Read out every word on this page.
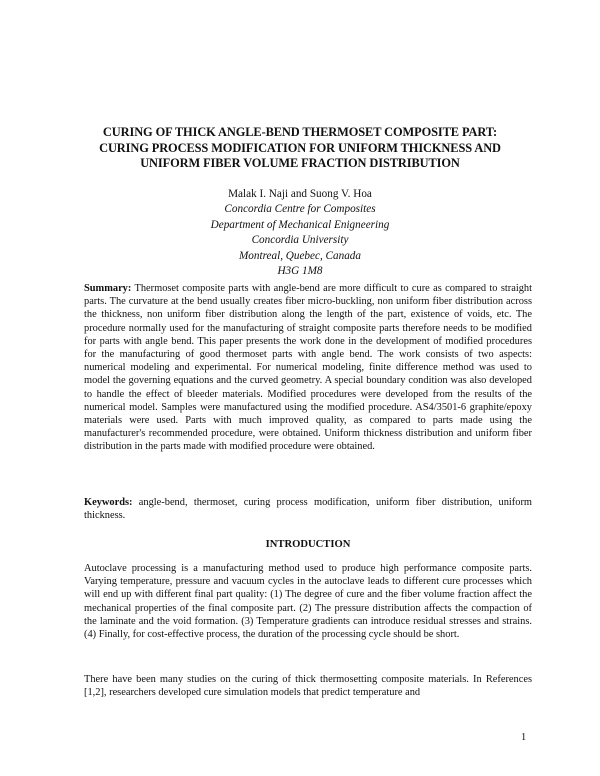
CURING OF THICK ANGLE-BEND THERMOSET COMPOSITE PART:
CURING PROCESS MODIFICATION FOR UNIFORM THICKNESS AND
UNIFORM FIBER VOLUME FRACTION DISTRIBUTION
Malak I. Naji and Suong V. Hoa
Concordia Centre for Composites
Department of Mechanical Enigneering
Concordia University
Montreal, Quebec, Canada
H3G 1M8
Summary: Thermoset composite parts with angle-bend are more difficult to cure as compared to straight parts. The curvature at the bend usually creates fiber micro-buckling, non uniform fiber distribution across the thickness, non uniform fiber distribution along the length of the part, existence of voids, etc. The procedure normally used for the manufacturing of straight composite parts therefore needs to be modified for parts with angle bend. This paper presents the work done in the development of modified procedures for the manufacturing of good thermoset parts with angle bend. The work consists of two aspects: numerical modeling and experimental. For numerical modeling, finite difference method was used to model the governing equations and the curved geometry. A special boundary condition was also developed to handle the effect of bleeder materials. Modified procedures were developed from the results of the numerical model. Samples were manufactured using the modified procedure. AS4/3501-6 graphite/epoxy materials were used. Parts with much improved quality, as compared to parts made using the manufacturer's recommended procedure, were obtained. Uniform thickness distribution and uniform fiber distribution in the parts made with modified procedure were obtained.
Keywords: angle-bend, thermoset, curing process modification, uniform fiber distribution, uniform thickness.
INTRODUCTION
Autoclave processing is a manufacturing method used to produce high performance composite parts. Varying temperature, pressure and vacuum cycles in the autoclave leads to different cure processes which will end up with different final part quality: (1) The degree of cure and the fiber volume fraction affect the mechanical properties of the final composite part. (2) The pressure distribution affects the compaction of the laminate and the void formation. (3) Temperature gradients can introduce residual stresses and strains. (4) Finally, for cost-effective process, the duration of the processing cycle should be short.
There have been many studies on the curing of thick thermosetting composite materials. In References [1,2], researchers developed cure simulation models that predict temperature and
1
